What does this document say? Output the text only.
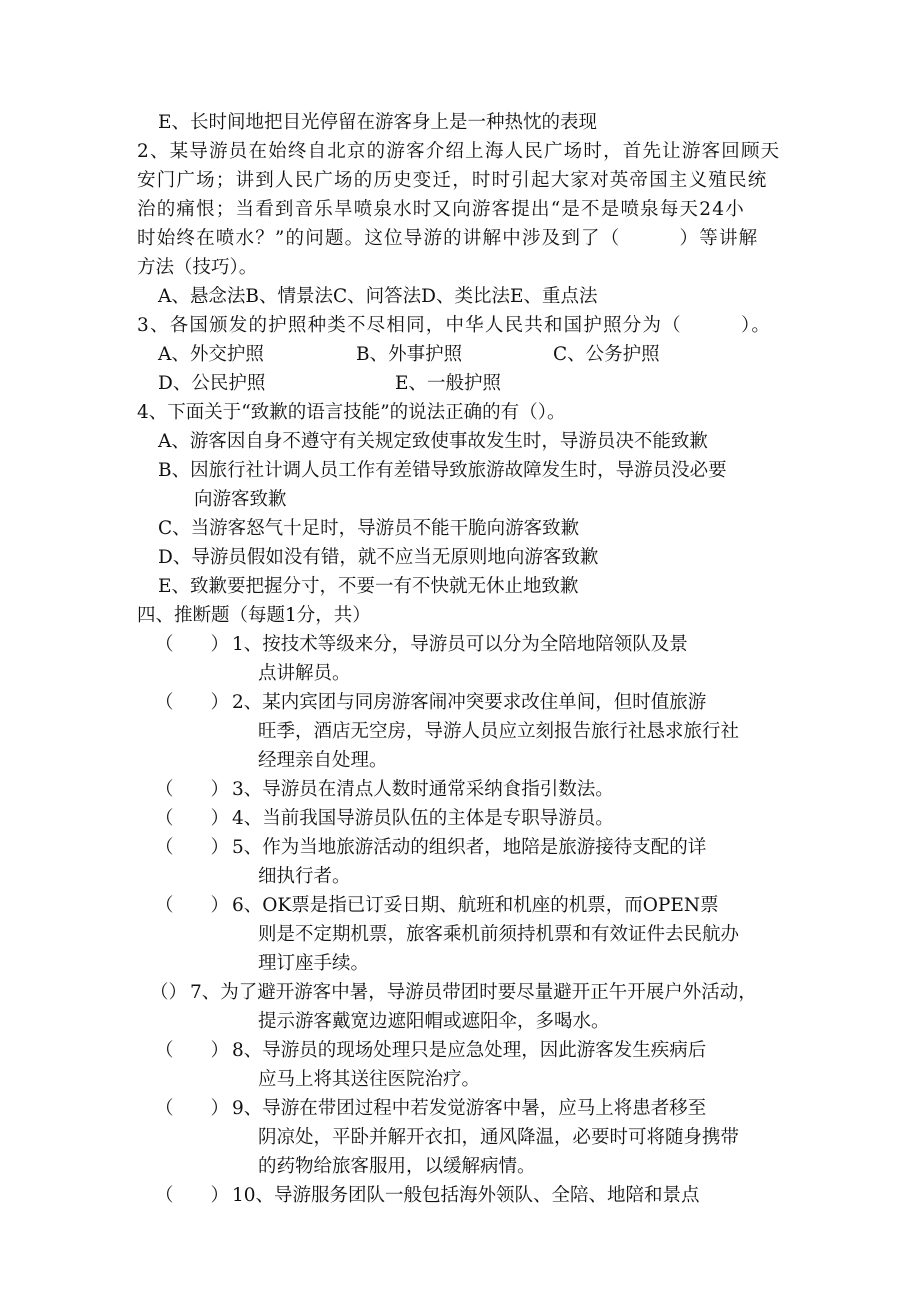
E、长时间地把目光停留在游客身上是一种热忱的表现
2、某导游员在始终自北京的游客介绍上海人民广场时，首先让游客回顾天
安门广场；讲到人民广场的历史变迁，时时引起大家对英帝国主义殖民统
治的痛恨；当看到音乐旱喷泉水时又向游客提出“是不是喷泉每天24小
时始终在喷水？”的问题。这位导游的讲解中涉及到了（　　　）等讲解
方法（技巧）。
A、悬念法B、情景法C、问答法D、类比法E、重点法
3、各国颁发的护照种类不尽相同，中华人民共和国护照分为（　　　）。
A、外交护照	B、外事护照	C、公务护照
D、公民护照	E、一般护照
4、下面关于“致歉的语言技能”的说法正确的有（）。
A、游客因自身不遵守有关规定致使事故发生时，导游员决不能致歉
B、因旅行社计调人员工作有差错导致旅游故障发生时，导游员没必要
向游客致歉
C、当游客怒气十足时，导游员不能干脆向游客致歉
D、导游员假如没有错，就不应当无原则地向游客致歉
E、致歉要把握分寸，不要一有不快就无休止地致歉
四、推断题（每题1分，共）
（　　） 1、按技术等级来分，导游员可以分为全陪地陪领队及景
点讲解员。
（　　） 2、某内宾团与同房游客闹冲突要求改住单间，但时值旅游
旺季，酒店无空房，导游人员应立刻报告旅行社恳求旅行社
经理亲自处理。
（　　） 3、导游员在清点人数时通常采纳食指引数法。
（　　） 4、当前我国导游员队伍的主体是专职导游员。
（　　） 5、作为当地旅游活动的组织者，地陪是旅游接待支配的详
细执行者。
（　　） 6、OK票是指已订妥日期、航班和机座的机票，而OPEN票
则是不定期机票，旅客乘机前须持机票和有效证件去民航办
理订座手续。
（） 7、为了避开游客中暑，导游员带团时要尽量避开正午开展户外活动，
提示游客戴宽边遮阳帽或遮阳伞，多喝水。
（　　） 8、导游员的现场处理只是应急处理，因此游客发生疾病后
应马上将其送往医院治疗。
（　　） 9、导游在带团过程中若发觉游客中暑，应马上将患者移至
阴凉处，平卧并解开衣扣，通风降温，必要时可将随身携带
的药物给旅客服用，以缓解病情。
（　　） 10、导游服务团队一般包括海外领队、全陪、地陪和景点
